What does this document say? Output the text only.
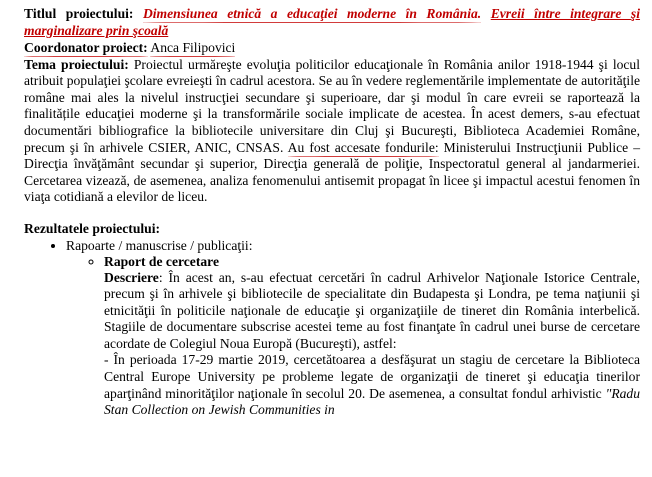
Titlul proiectului: Dimensiunea etnică a educaţiei moderne în România. Evreii între integrare şi marginalizare prin şcoală

Coordonator proiect: Anca Filipovici

Tema proiectului: Proiectul urmăreşte evoluţia politicilor educaţionale în România anilor 1918-1944 şi locul atribuit populaţiei şcolare evreieşti în cadrul acestora. Se au în vedere reglementările implementate de autorităţile române mai ales la nivelul instrucţiei secundare şi superioare, dar şi modul în care evreii se raportează la finalitățile educaţiei moderne şi la transformările sociale implicate de acestea. În acest demers, s-au efectuat documentări bibliografice la bibliotecile universitare din Cluj şi Bucureşti, Biblioteca Academiei Române, precum şi în arhivele CSIER, ANIC, CNSAS. Au fost accesate fondurile: Ministerului Instrucţiunii Publice – Direcţia învăţământ secundar şi superior, Direcţia generală de poliţie, Inspectoratul general al jandarmeriei. Cercetarea vizează, de asemenea, analiza fenomenului antisemit propagat în licee şi impactul acestui fenomen în viaţa cotidiană a elevilor de liceu.

Rezultatele proiectului:

• Rapoarte / manuscrise / publicaţii:
◦ Raport de cercetare
Descriere: În acest an, s-au efectuat cercetări în cadrul Arhivelor Naţionale Istorice Centrale, precum şi în arhivele şi bibliotecile de specialitate din Budapesta şi Londra, pe tema naţiunii şi etnicităţii în politicile naţionale de educaţie şi organizaţiile de tineret din România interbelică. Stagiile de documentare subscrise acestei teme au fost finanţate în cadrul unei burse de cercetare acordate de Colegiul Noua Europă (Bucureşti), astfel:
- În perioada 17-29 martie 2019, cercetătoarea a desfăşurat un stagiu de cercetare la Biblioteca Central Europe University pe probleme legate de organizaţii de tineret şi educaţia tinerilor aparţinând minorităţilor naţionale în secolul 20. De asemenea, a consultat fondul arhivistic "Radu Stan Collection on Jewish Communities in
